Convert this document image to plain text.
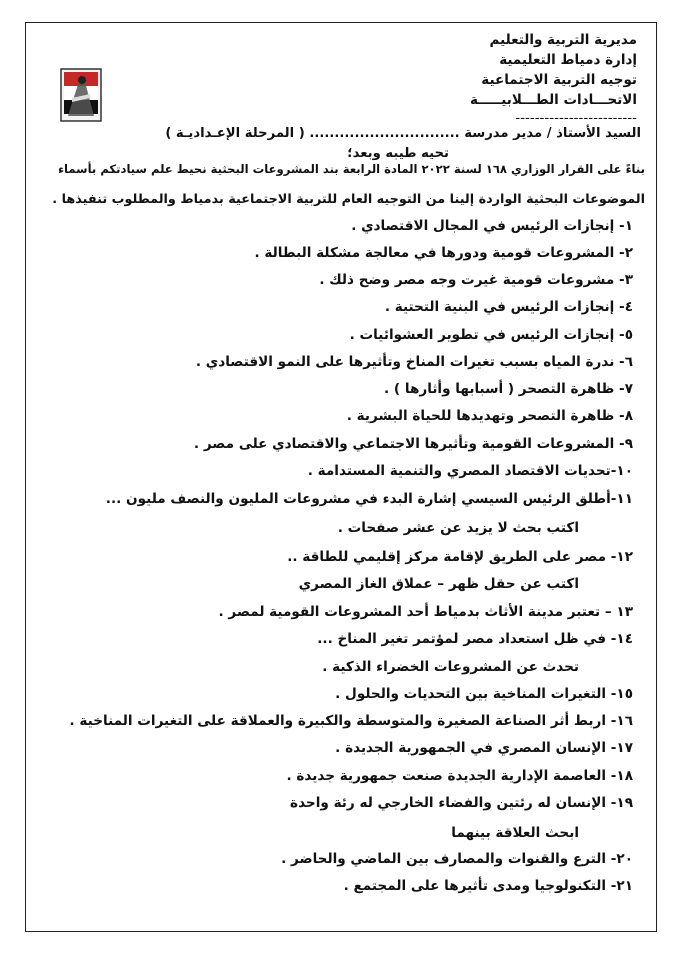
مديرية التربية والتعليم
إدارة دمياط التعليمية
توجيه التربية الاجتماعية
الاتحـــادات الطـــلابيـــــة
-------------------------
السيد الأستاذ / مدير مدرسة .............................. ( المرحلة الإعـداديـة )
تحيه طيبه وبعد؛
بناءً على القرار الوزاري ١٦٨ لسنة ٢٠٢٢ المادة الرابعة بند المشروعات البحثية نحيط علم سيادتكم بأسماء
الموضوعات البحثية الواردة إلينا من التوجيه العام للتربية الاجتماعية بدمياط والمطلوب تنفيذها .
١- إنجازات الرئيس في المجال الاقتصادي .
٢- المشروعات قومية ودورها في معالجة مشكلة البطالة .
٣- مشروعات قومية غيرت وجه مصر وضح ذلك .
٤- إنجازات الرئيس في البنية التحتية .
٥- إنجازات الرئيس في تطوير العشوائيات .
٦- ندرة المياه بسبب تغيرات المناخ وتأثيرها على النمو الاقتصادي .
٧- ظاهرة التصحر ( أسبابها وأثارها ) .
٨- ظاهرة التصحر وتهديدها للحياة البشرية .
٩- المشروعات القومية وتأثيرها الاجتماعي والاقتصادي على مصر .
١٠-تحديات الاقتصاد المصري والتنمية المستدامة .
١١-أطلق الرئيس السيسي إشارة البدء في مشروعات المليون والنصف مليون ...
اكتب بحث لا يزيد عن عشر صفحات .
١٢- مصر على الطريق لإقامة مركز إقليمي للطاقة ..
اكتب عن حقل ظهر – عملاق الغاز المصري
١٣ – تعتبر مدينة الأثاث بدمياط أحد المشروعات القومية لمصر .
١٤- في ظل استعداد مصر لمؤتمر تغير المناخ ...
تحدث عن المشروعات الخضراء الذكية .
١٥- التغيرات المناخية بين التحديات والحلول .
١٦- اربط أثر الصناعة الصغيرة والمتوسطة والكبيرة والعملاقة على التغيرات المناخية .
١٧- الإنسان المصري في الجمهورية الجديدة .
١٨- العاصمة الإدارية الجديدة صنعت جمهورية جديدة .
١٩- الإنسان له رئتين والفضاء الخارجي له رئة واحدة
ابحث العلاقة بينهما
٢٠- الترع والقنوات والمصارف بين الماضي والحاضر .
٢١- التكنولوجيا ومدى تأثيرها على المجتمع .
